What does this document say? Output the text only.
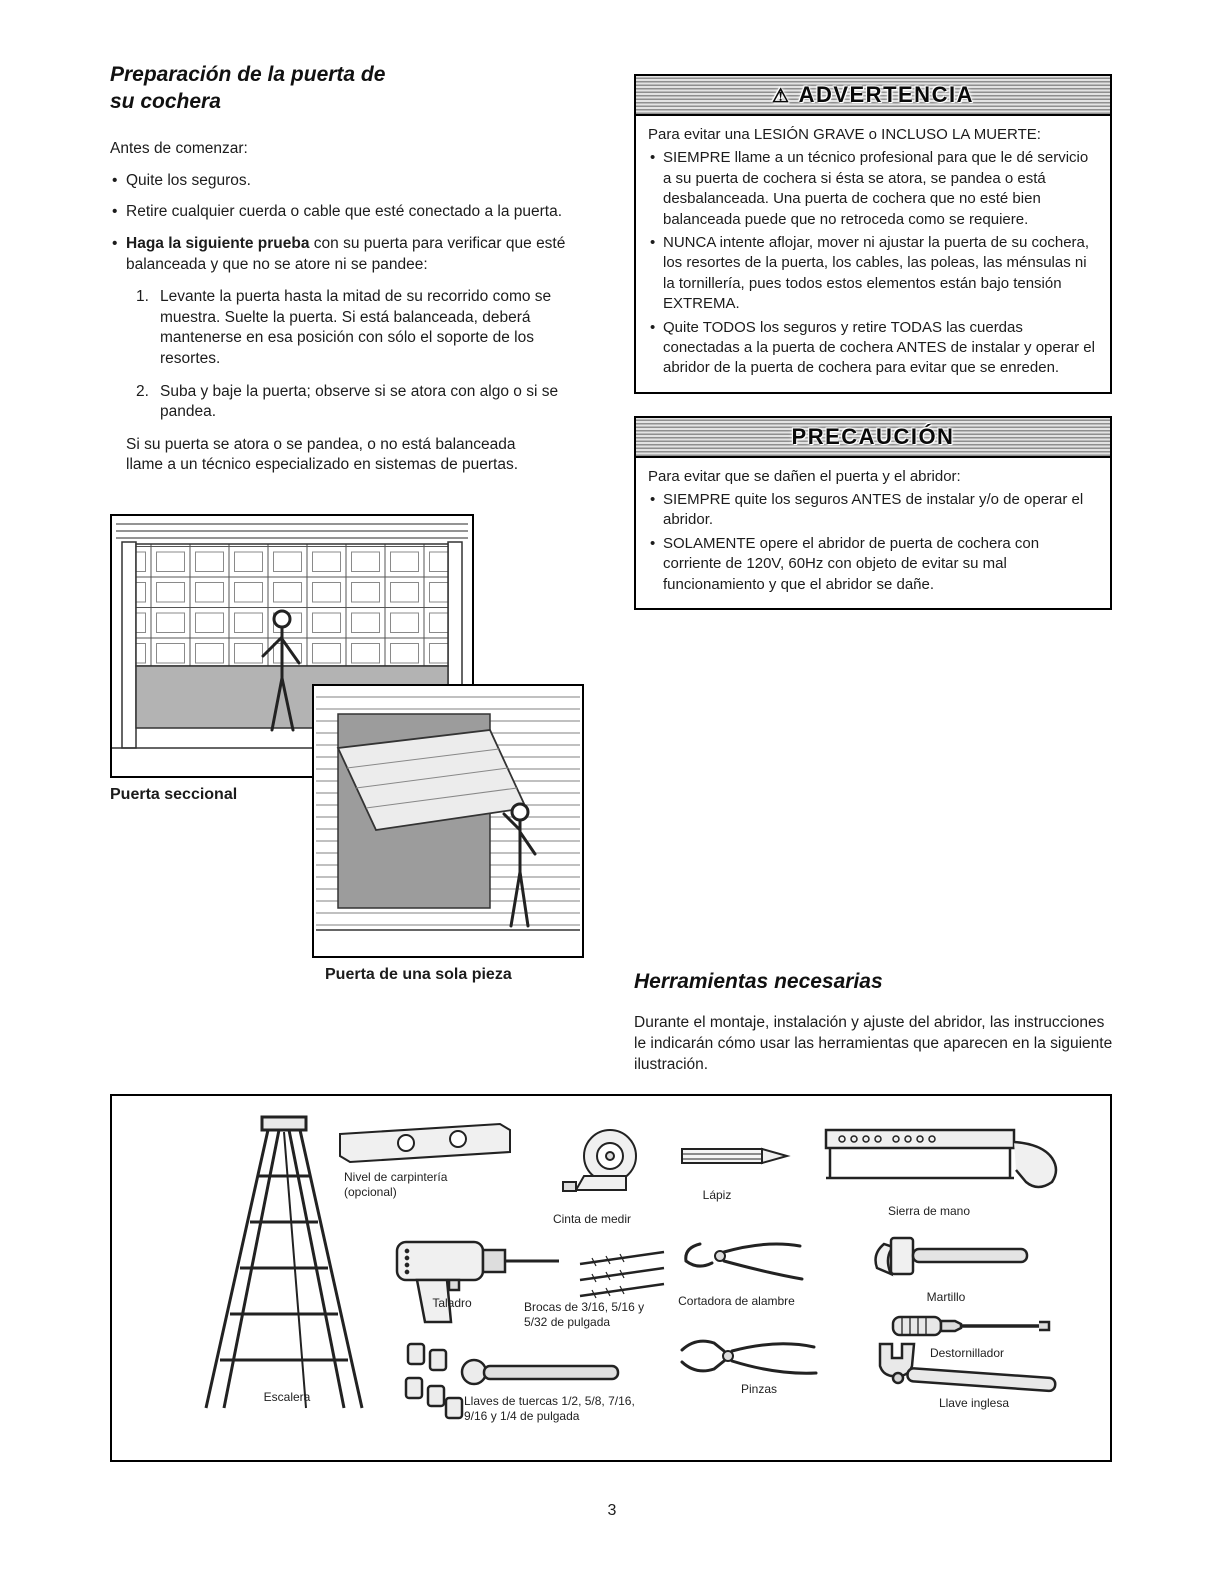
Preparación de la puerta de
su cochera

Antes de comenzar:

• Quite los seguros.
• Retire cualquier cuerda o cable que esté conectado a la puerta.
• Haga la siguiente prueba con su puerta para verificar que esté balanceada y que no se atore ni se pandee:
1. Levante la puerta hasta la mitad de su recorrido como se muestra. Suelte la puerta. Si está balanceada, deberá mantenerse en esa posición con sólo el soporte de los resortes.
2. Suba y baje la puerta; observe si se atora con algo o si se pandea.

Si su puerta se atora o se pandea, o no está balanceada llame a un técnico especializado en sistemas de puertas.

Puerta seccional
Puerta de una sola pieza
⚠ ADVERTENCIA
Para evitar una LESIÓN GRAVE o INCLUSO LA MUERTE:
• SIEMPRE llame a un técnico profesional para que le dé servicio a su puerta de cochera si ésta se atora, se pandea o está desbalanceada. Una puerta de cochera que no esté bien balanceada puede que no retroceda como se requiere.
• NUNCA intente aflojar, mover ni ajustar la puerta de su cochera, los resortes de la puerta, los cables, las poleas, las ménsulas ni la tornillería, pues todos estos elementos están bajo tensión EXTREMA.
• Quite TODOS los seguros y retire TODAS las cuerdas conectadas a la puerta de cochera ANTES de instalar y operar el abridor de la puerta de cochera para evitar que se enreden.
PRECAUCIÓN
Para evitar que se dañen el puerta y el abridor:
• SIEMPRE quite los seguros ANTES de instalar y/o de operar el abridor.
• SOLAMENTE opere el abridor de puerta de cochera con corriente de 120V, 60Hz con objeto de evitar su mal funcionamiento y que el abridor se dañe.
Herramientas necesarias

Durante el montaje, instalación y ajuste del abridor, las instrucciones le indicarán cómo usar las herramientas que aparecen en la siguiente ilustración.

Escalera
Nivel de carpintería (opcional)
Cinta de medir
Lápiz
Sierra de mano
Taladro	Brocas de 3/16, 5/16 y 5/32 de pulgada
Cortadora de alambre	Martillo
Destornillador
Pinzas
Llaves de tuercas 1/2, 5/8, 7/16, 9/16 y 1/4 de pulgada
Llave inglesa
3
